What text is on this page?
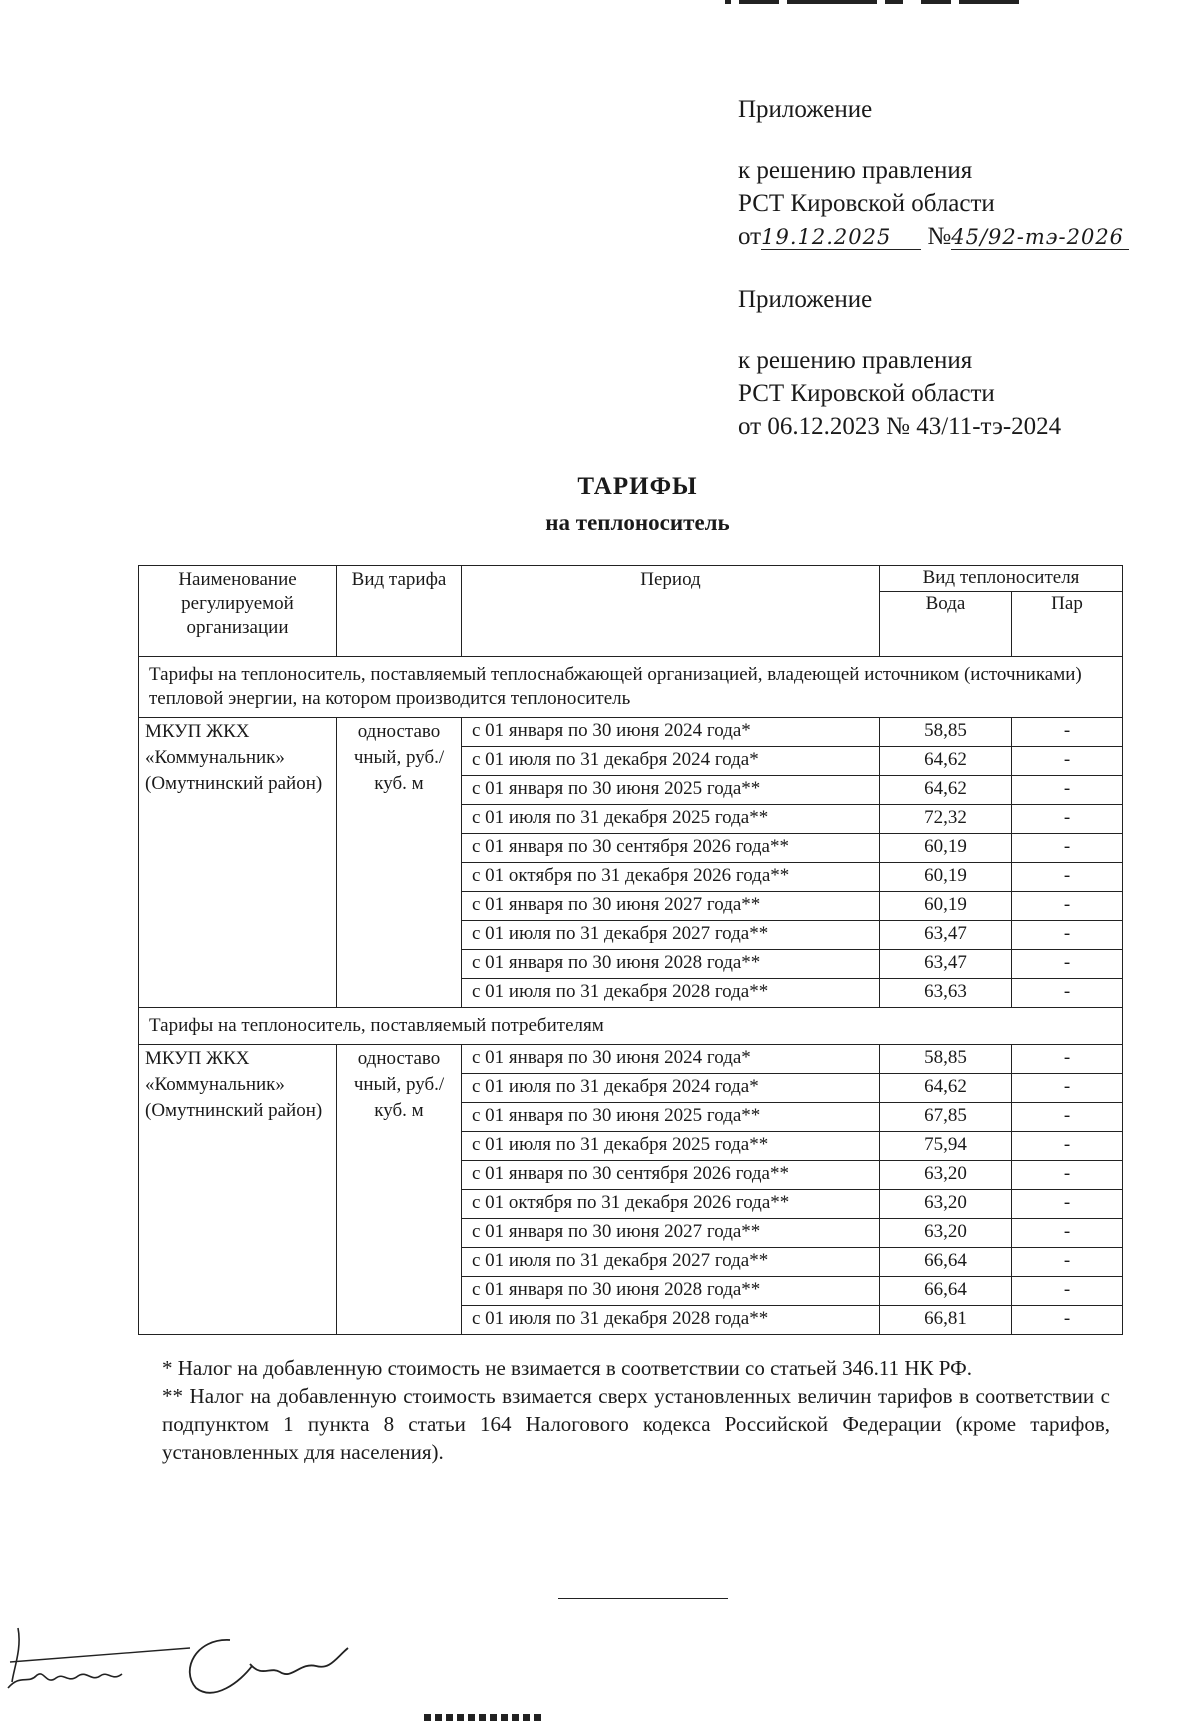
Приложение
к решению правления
РСТ Кировской области
от19.12.2025 №45/92-тэ-2026
Приложение
к решению правления
РСТ Кировской области
от 06.12.2023 № 43/11-тэ-2024
ТАРИФЫ
на теплоноситель
Наименование регулируемой организации	Вид тарифа	Период	Вид теплоносителя	
			Вода	Пар
Тарифы на теплоноситель, поставляемый теплоснабжающей организацией, владеющей источником (источниками) тепловой энергии, на котором производится теплоноситель				
МКУП ЖКХ «Коммунальник» (Омутнинский район)	одноставо чный, руб./куб. м	с 01 января по 30 июня 2024 года*	58,85	-
		с 01 июля по 31 декабря 2024 года*	64,62	-
		с 01 января по 30 июня 2025 года**	64,62	-
		с 01 июля по 31 декабря 2025 года**	72,32	-
		с 01 января по 30 сентября 2026 года**	60,19	-
		с 01 октября по 31 декабря 2026 года**	60,19	-
		с 01 января по 30 июня 2027 года**	60,19	-
		с 01 июля по 31 декабря 2027 года**	63,47	-
		с 01 января по 30 июня 2028 года**	63,47	-
		с 01 июля по 31 декабря 2028 года**	63,63	-
Тарифы на теплоноситель, поставляемый потребителям				
МКУП ЖКХ «Коммунальник» (Омутнинский район)	одноставо чный, руб./куб. м	с 01 января по 30 июня 2024 года*	58,85	-
		с 01 июля по 31 декабря 2024 года*	64,62	-
		с 01 января по 30 июня 2025 года**	67,85	-
		с 01 июля по 31 декабря 2025 года**	75,94	-
		с 01 января по 30 сентября 2026 года**	63,20	-
		с 01 октября по 31 декабря 2026 года**	63,20	-
		с 01 января по 30 июня 2027 года**	63,20	-
		с 01 июля по 31 декабря 2027 года**	66,64	-
		с 01 января по 30 июня 2028 года**	66,64	-
		с 01 июля по 31 декабря 2028 года**	66,81	-

* Налог на добавленную стоимость не взимается в соответствии со статьей 346.11 НК РФ.

** Налог на добавленную стоимость взимается сверх установленных величин тарифов в соответствии с подпунктом 1 пункта 8 статьи 164 Налогового кодекса Российской Федерации (кроме тарифов, установленных для населения).
